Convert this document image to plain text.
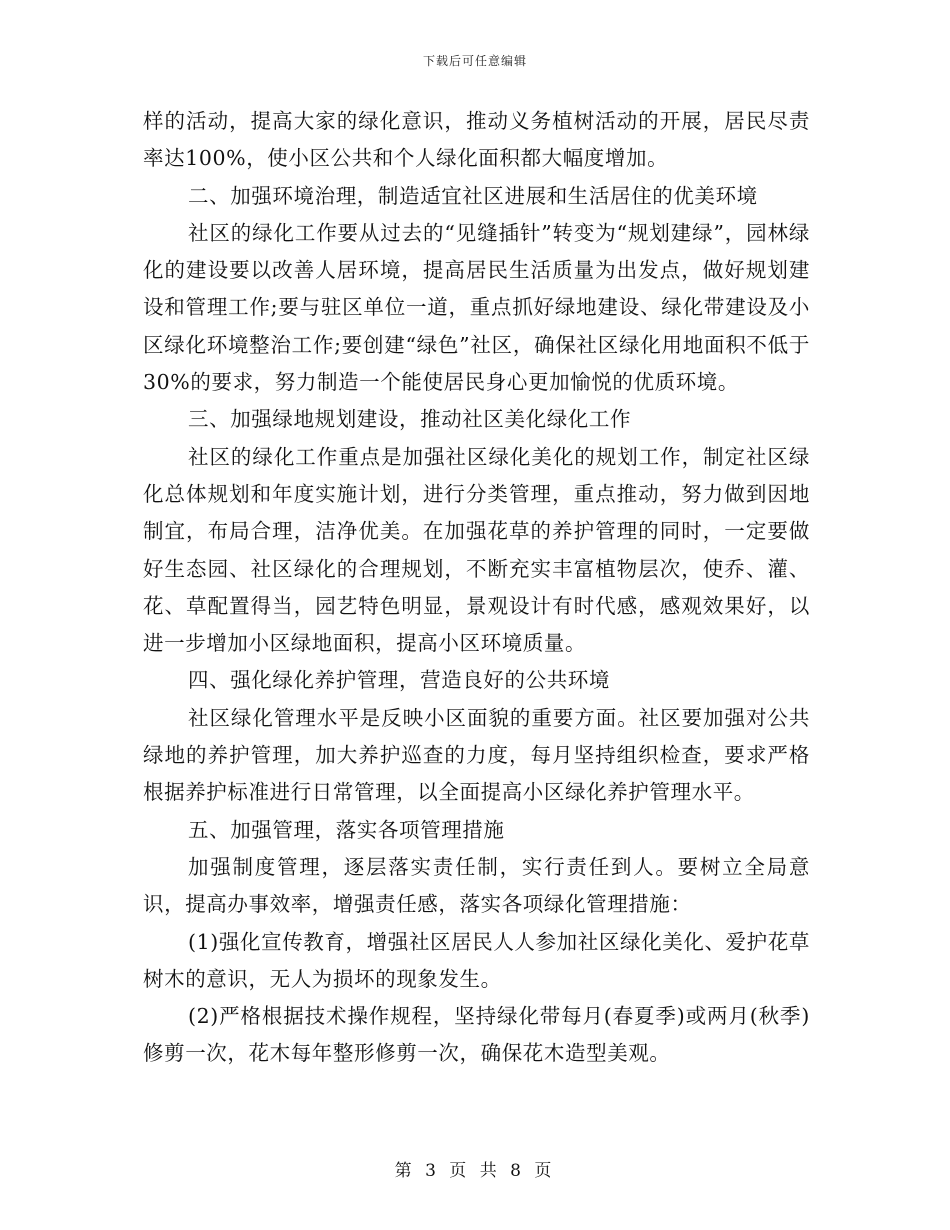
下载后可任意编辑

样的活动，提高大家的绿化意识，推动义务植树活动的开展，居民尽责率达100%，使小区公共和个人绿化面积都大幅度增加。

二、加强环境治理，制造适宜社区进展和生活居住的优美环境

社区的绿化工作要从过去的“见缝插针”转变为“规划建绿”，园林绿化的建设要以改善人居环境，提高居民生活质量为出发点，做好规划建设和管理工作;要与驻区单位一道，重点抓好绿地建设、绿化带建设及小区绿化环境整治工作;要创建“绿色”社区，确保社区绿化用地面积不低于30%的要求，努力制造一个能使居民身心更加愉悦的优质环境。

三、加强绿地规划建设，推动社区美化绿化工作

社区的绿化工作重点是加强社区绿化美化的规划工作，制定社区绿化总体规划和年度实施计划，进行分类管理，重点推动，努力做到因地制宜，布局合理，洁净优美。在加强花草的养护管理的同时，一定要做好生态园、社区绿化的合理规划，不断充实丰富植物层次，使乔、灌、花、草配置得当，园艺特色明显，景观设计有时代感，感观效果好，以进一步增加小区绿地面积，提高小区环境质量。

四、强化绿化养护管理，营造良好的公共环境

社区绿化管理水平是反映小区面貌的重要方面。社区要加强对公共绿地的养护管理，加大养护巡查的力度，每月坚持组织检查，要求严格根据养护标准进行日常管理，以全面提高小区绿化养护管理水平。

五、加强管理，落实各项管理措施

加强制度管理，逐层落实责任制，实行责任到人。要树立全局意识，提高办事效率，增强责任感，落实各项绿化管理措施：

(1)强化宣传教育，增强社区居民人人参加社区绿化美化、爱护花草树木的意识，无人为损坏的现象发生。

(2)严格根据技术操作规程，坚持绿化带每月(春夏季)或两月(秋季)修剪一次，花木每年整形修剪一次，确保花木造型美观。

第 3 页 共 8 页
